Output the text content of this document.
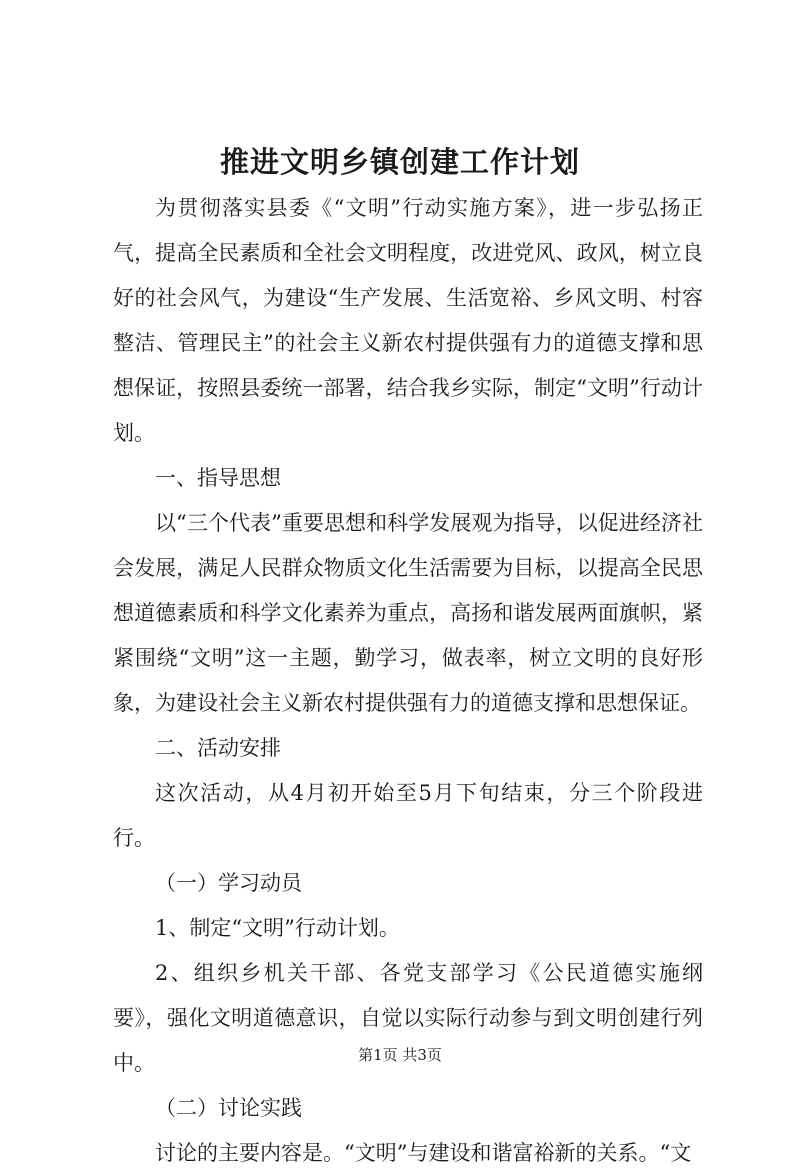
推进文明乡镇创建工作计划

为贯彻落实县委《“文明”行动实施方案》，进一步弘扬正气，提高全民素质和全社会文明程度，改进党风、政风，树立良好的社会风气，为建设“生产发展、生活宽裕、乡风文明、村容整洁、管理民主”的社会主义新农村提供强有力的道德支撑和思想保证，按照县委统一部署，结合我乡实际，制定“文明”行动计划。

一、指导思想

以“三个代表”重要思想和科学发展观为指导，以促进经济社会发展，满足人民群众物质文化生活需要为目标，以提高全民思想道德素质和科学文化素养为重点，高扬和谐发展两面旗帜，紧紧围绕“文明”这一主题，勤学习，做表率，树立文明的良好形象，为建设社会主义新农村提供强有力的道德支撑和思想保证。

二、活动安排

这次活动，从4月初开始至5月下旬结束，分三个阶段进行。

（一）学习动员

1、制定“文明”行动计划。

2、组织乡机关干部、各党支部学习《公民道德实施纲要》，强化文明道德意识，自觉以实际行动参与到文明创建行列中。

（二）讨论实践

讨论的主要内容是。“文明”与建设和谐富裕新的关系。“文

第1页 共3页
